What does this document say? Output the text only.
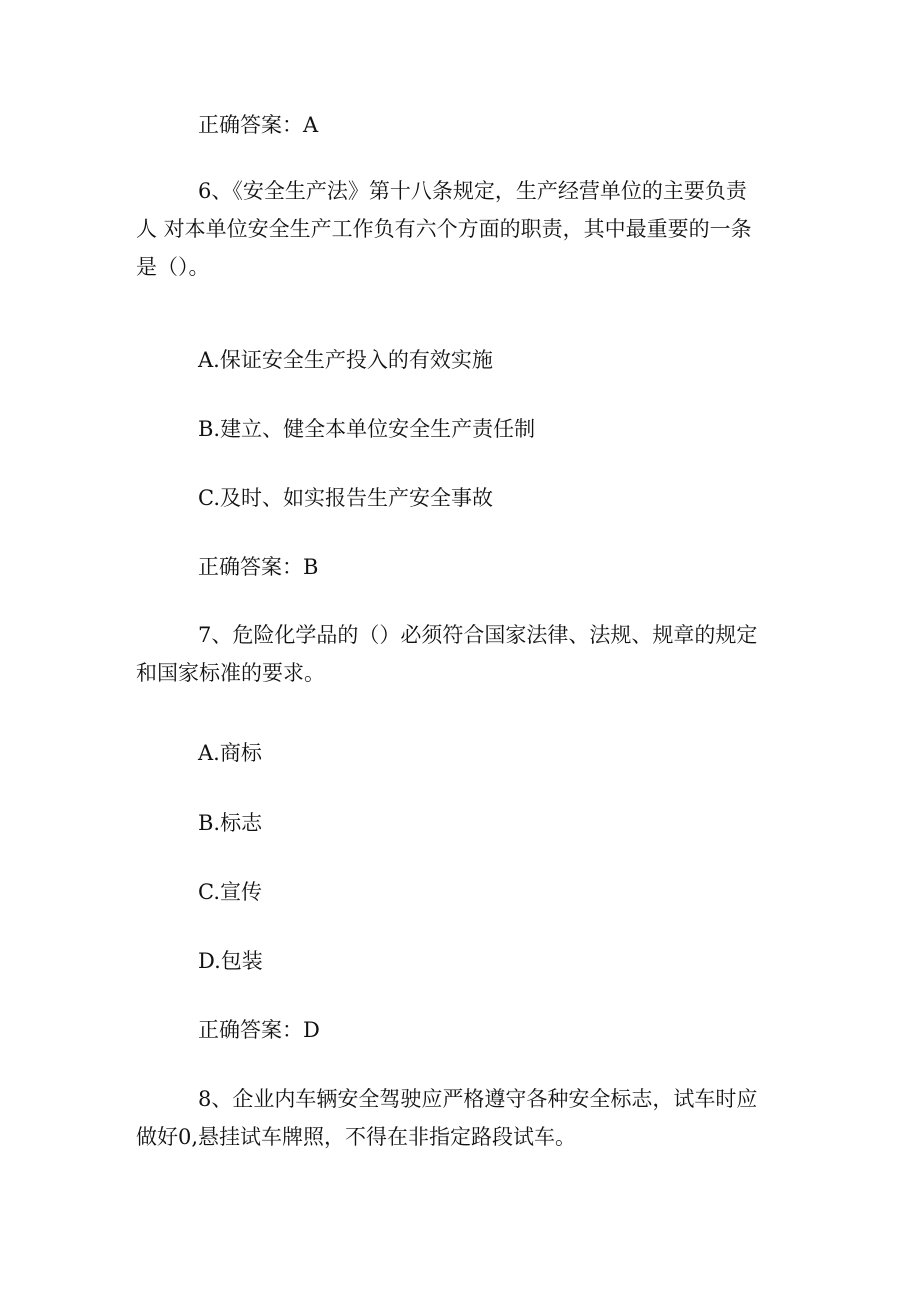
正确答案：A

6、《安全生产法》第十八条规定，生产经营单位的主要负责
人 对本单位安全生产工作负有六个方面的职责，其中最重要的一条
是（）。

A.保证安全生产投入的有效实施

B.建立、健全本单位安全生产责任制

C.及时、如实报告生产安全事故

正确答案：B

7、危险化学品的（）必须符合国家法律、法规、规章的规定
和国家标准的要求。

A.商标

B.标志

C.宣传

D.包装

正确答案：D

8、企业内车辆安全驾驶应严格遵守各种安全标志，试车时应
做好0,悬挂试车牌照，不得在非指定路段试车。
